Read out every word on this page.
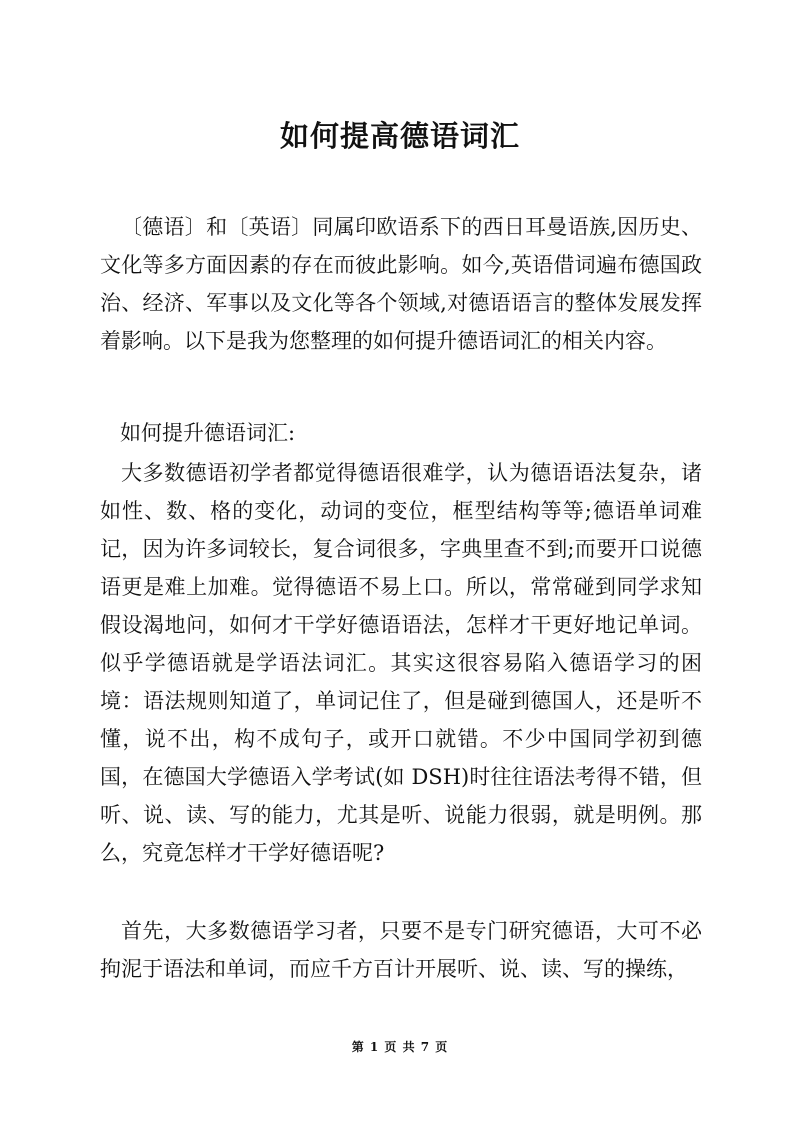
如何提高德语词汇

〔德语〕和〔英语〕同属印欧语系下的西日耳曼语族,因历史、文化等多方面因素的存在而彼此影响。如今,英语借词遍布德国政治、经济、军事以及文化等各个领域,对德语语言的整体发展发挥着影响。以下是我为您整理的如何提升德语词汇的相关内容。

如何提升德语词汇:

大多数德语初学者都觉得德语很难学，认为德语语法复杂，诸如性、数、格的变化，动词的变位，框型结构等等;德语单词难记，因为许多词较长，复合词很多，字典里查不到;而要开口说德语更是难上加难。觉得德语不易上口。所以，常常碰到同学求知假设渴地问，如何才干学好德语语法，怎样才干更好地记单词。似乎学德语就是学语法词汇。其实这很容易陷入德语学习的困境：语法规则知道了，单词记住了，但是碰到德国人，还是听不懂，说不出，构不成句子，或开口就错。不少中国同学初到德国，在德国大学德语入学考试(如 DSH)时往往语法考得不错，但听、说、读、写的能力，尤其是听、说能力很弱，就是明例。那么，究竟怎样才干学好德语呢?

首先，大多数德语学习者，只要不是专门研究德语，大可不必拘泥于语法和单词，而应千方百计开展听、说、读、写的操练，

第 1 页 共 7 页
